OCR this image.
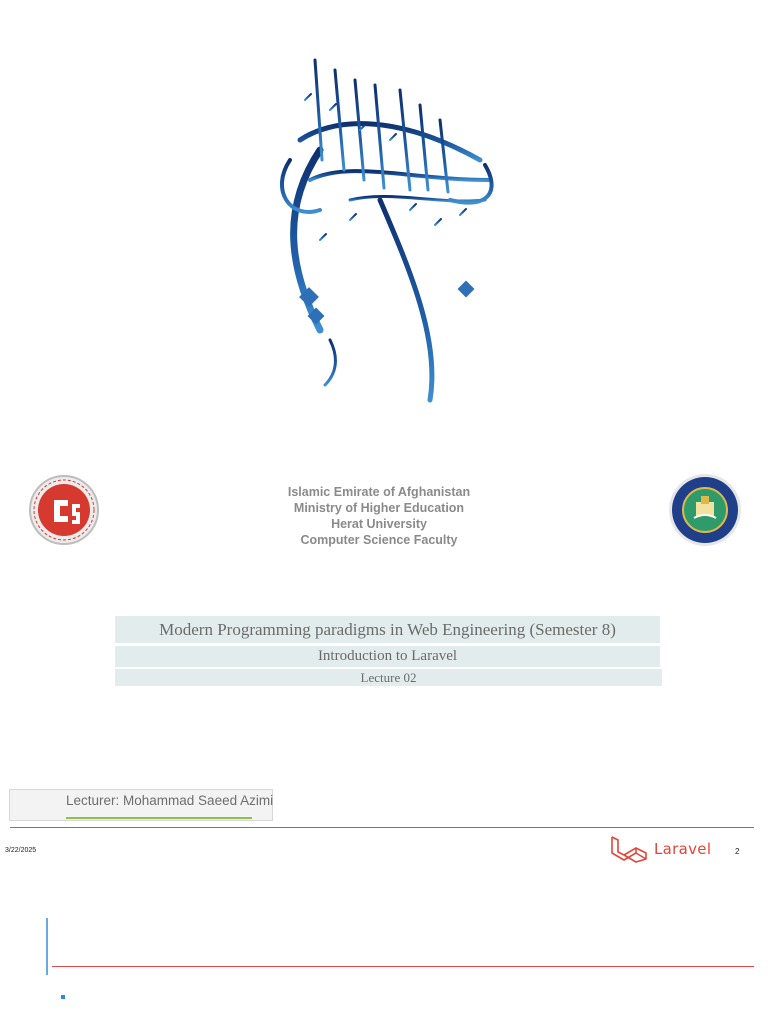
Islamic Emirate of Afghanistan
Ministry of Higher Education
Herat University
Computer Science Faculty
Modern Programming paradigms in Web Engineering (Semester 8)
Introduction to Laravel
Lecture 02
Lecturer: Mohammad Saeed Azimi
3/22/2025	2
Laravel
